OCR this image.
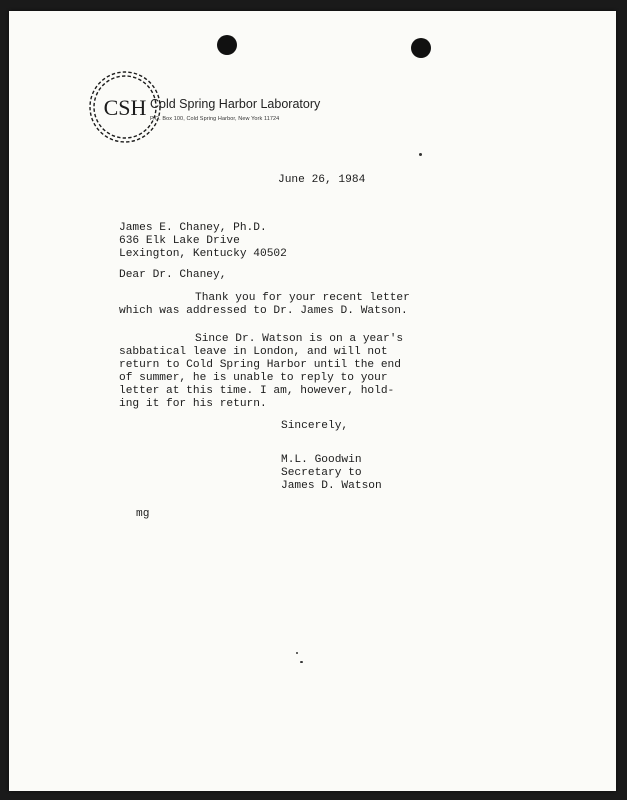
CSH Cold Spring Harbor Laboratory
P.O. Box 100, Cold Spring Harbor, New York 11724
June 26, 1984
James E. Chaney, Ph.D.
636 Elk Lake Drive
Lexington, Kentucky 40502
Dear Dr. Chaney,
Thank you for your recent letter
which was addressed to Dr. James D. Watson.
Since Dr. Watson is on a year's
sabbatical leave in London, and will not
return to Cold Spring Harbor until the end
of summer, he is unable to reply to your
letter at this time. I am, however, hold-
ing it for his return.
Sincerely,
M.L. Goodwin
Secretary to
James D. Watson
mg
